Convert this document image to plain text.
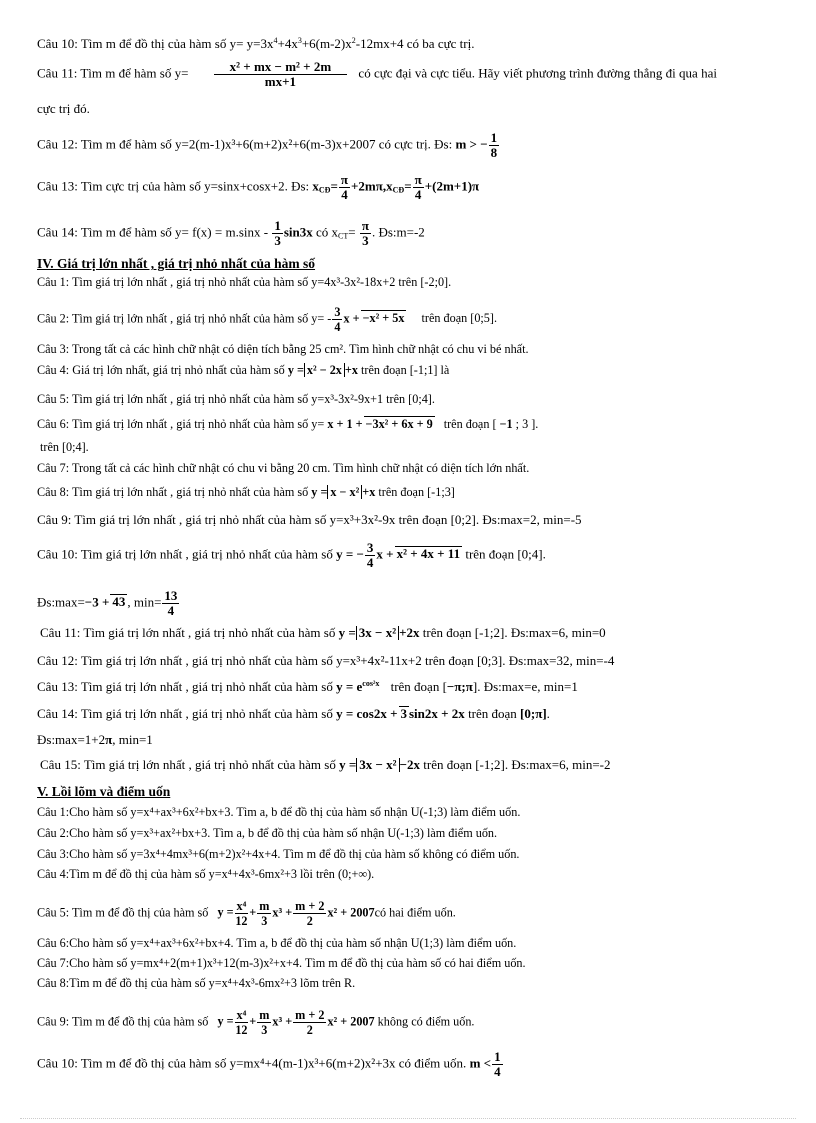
Câu 10: Tìm m để đồ thị của hàm số $y= y=3x^4+4x^3+6(m-2)x^2-12mx+4$ có ba cực trị.
Câu 11: Tìm m để hàm số $y= \frac{\text{x² + mx − m² + 2m}}{mx+1}$ có cực đại và cực tiểu. Hãy viết phương trình đường thẳng đi qua hai
cực trị đó.
Câu 12: Tìm m để hàm số y=2(m-1)x³+6(m+2)x²+6(m-3)x+2007 có cực trị. Đs: m > − $\frac{1}{8}$
Câu 13: Tìm cực trị của hàm số y=sinx+cosx+2. Đs: $x_{CĐ}= \frac{\pi}{4} +2m\pi,x_{CĐ}= \frac{\pi}{4} +(2m+1)\pi$
Câu 14: Tìm m để hàm số $y= f(x) = m.\sin x - \frac{1}{3} \sin 3x$ có $x_{CT}= \frac{\pi}{3}$ . Đs:m=-2
IV. Giá trị lớn nhất , giá trị nhỏ nhất của hàm số
Câu 1: Tìm giá trị lớn nhất , giá trị nhỏ nhất của hàm số y=4x³-3x²-18x+2 trên [-2;0].
Câu 2: Tìm giá trị lớn nhất , giá trị nhỏ nhất của hàm số $y= - \frac{3}{4}$ x + −x² + 5x trên đoạn [0;5].
Câu 3: Trong tất cả các hình chữ nhật có diện tích bằng 25 cm². Tìm hình chữ nhật có chu vi bé nhất.
Câu 4: Giá trị lớn nhất, giá trị nhỏ nhất của hàm số y = x² − 2x +x trên đoạn [-1;1] là
Câu 5: Tìm giá trị lớn nhất , giá trị nhỏ nhất của hàm số y=x³-3x²-9x+1 trên [0;4].
Câu 6: Tìm giá trị lớn nhất , giá trị nhỏ nhất của hàm số y= x + 1 + −3x² + 6x + 9 trên đoạn [ −1 ; 3 ].
trên [0;4].
Câu 7: Trong tất cả các hình chữ nhật có chu vi bằng 20 cm. Tìm hình chữ nhật có diện tích lớn nhất.
Câu 8: Tìm giá trị lớn nhất , giá trị nhỏ nhất của hàm số y = x − x² +x trên đoạn [-1;3]
Câu 9: Tìm giá trị lớn nhất , giá trị nhỏ nhất của hàm số y=x³+3x²-9x trên đoạn [0;2]. Đs:max=2, min=-5
Câu 10: Tìm giá trị lớn nhất , giá trị nhỏ nhất của hàm số y = − $\frac{3}{4}$ x + x² + 4x + 11 trên đoạn [0;4].
Đs:max=−3 + 43 , $\min= \frac{13}{4}$
Câu 11: Tìm giá trị lớn nhất , giá trị nhỏ nhất của hàm số y = 3x − x² +2x trên đoạn [-1;2]. Đs:max=6, min=0
Câu 12: Tìm giá trị lớn nhất , giá trị nhỏ nhất của hàm số y=x³+4x²-11x+2 trên đoạn [0;3]. Đs:max=32, min=-4
Câu 13: Tìm giá trị lớn nhất , giá trị nhỏ nhất của hàm số $y = e^{cos^2x}$ trên đoạn [−π;π]. Đs:max=e, min=1
Câu 14: Tìm giá trị lớn nhất , giá trị nhỏ nhất của hàm số y = cos2x + 3 sin2x + 2x trên đoạn [0;π].
Đs:max=1+2π, min=1
Câu 15: Tìm giá trị lớn nhất , giá trị nhỏ nhất của hàm số y = 3x − x² −2x trên đoạn [-1;2]. Đs:max=6, min=-2
V. Lồi lõm và điểm uốn
Câu 1:Cho hàm số y=x⁴+ax³+6x²+bx+3. Tìm a, b để đồ thị của hàm số nhận U(-1;3) làm điểm uốn.
Câu 2:Cho hàm số y=x³+ax²+bx+3. Tìm a, b để đồ thị của hàm số nhận U(-1;3) làm điểm uốn.
Câu 3:Cho hàm số y=3x⁴+4mx³+6(m+2)x²+4x+4. Tìm m để đồ thị của hàm số không có điểm uốn.
Câu 4:Tìm m để đồ thị của hàm số y=x⁴+4x³-6mx²+3 lồi trên (0;+∞).
Câu 5: Tìm m để đồ thị của hàm số $y = \frac{\text{x⁴}}{12} + \frac{m}{3} x^3 + \frac{m + 2}{2} x^2$ + 2007có hai điểm uốn.
Câu 6:Cho hàm số y=x⁴+ax³+6x²+bx+4. Tìm a, b để đồ thị của hàm số nhận U(1;3) làm điểm uốn.
Câu 7:Cho hàm số y=mx⁴+2(m+1)x³+12(m-3)x²+x+4. Tìm m để đồ thị của hàm số có hai điểm uốn.
Câu 8:Tìm m để đồ thị của hàm số y=x⁴+4x³-6mx²+3 lõm trên R.
Câu 9: Tìm m để đồ thị của hàm số $y = \frac{\text{x⁴}}{12} + \frac{m}{3} x^3 + \frac{m + 2}{2} x^2 + 2007$ không có điểm uốn.
Câu 10: Tìm m để đồ thị của hàm số y=mx⁴+4(m-1)x³+6(m+2)x²+3x có điểm uốn. $m < \frac{1}{4}$
